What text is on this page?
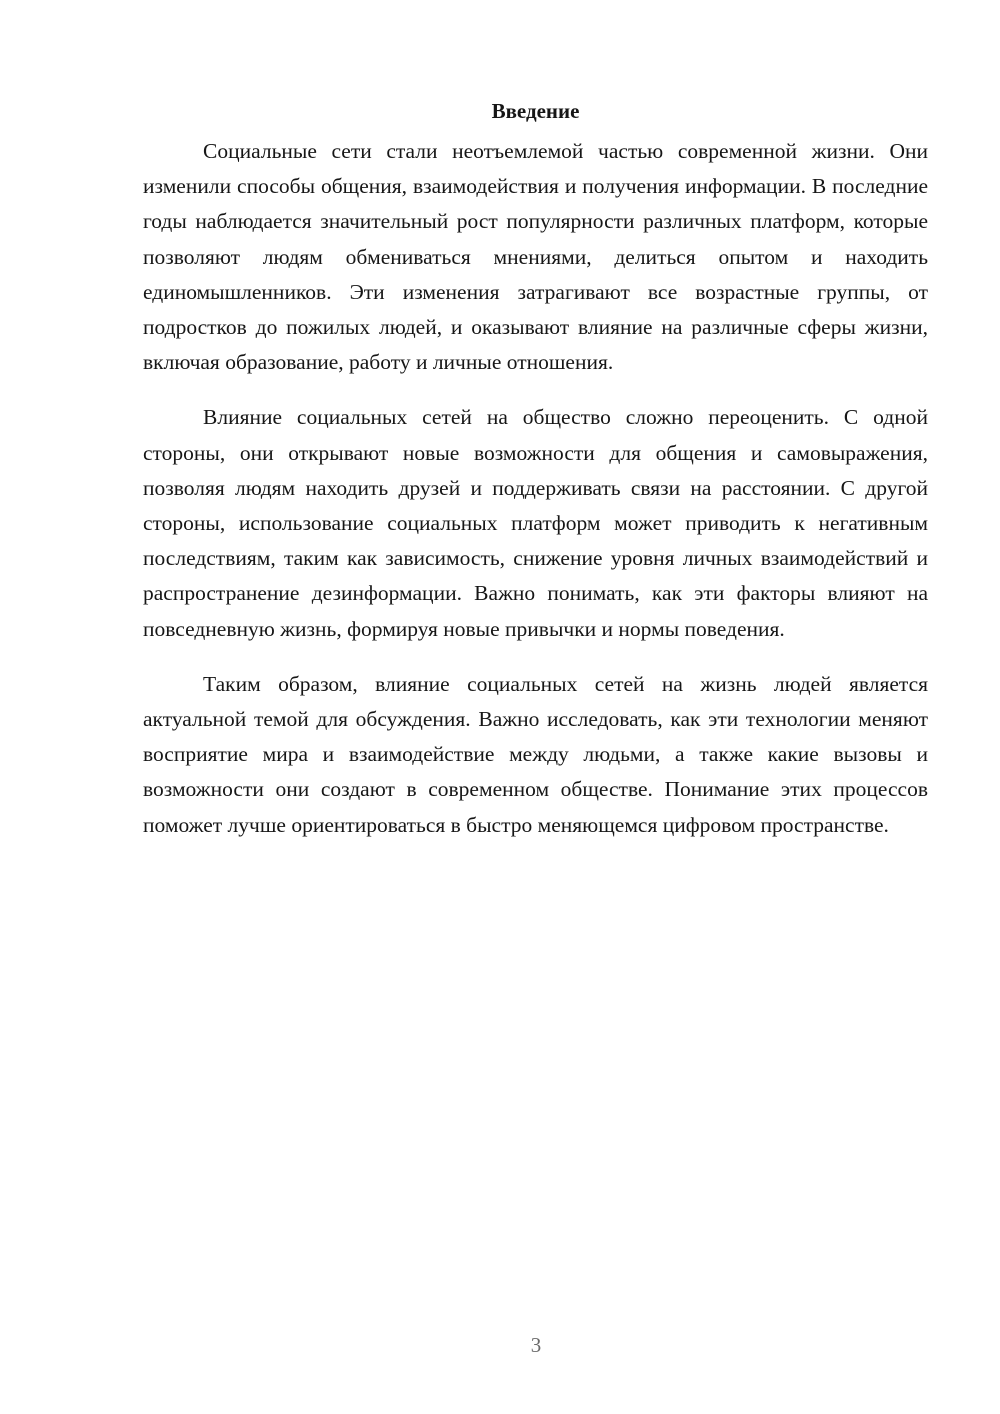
Введение

Социальные сети стали неотъемлемой частью современной жизни. Они изменили способы общения, взаимодействия и получения информации. В последние годы наблюдается значительный рост популярности различных платформ, которые позволяют людям обмениваться мнениями, делиться опытом и находить единомышленников. Эти изменения затрагивают все возрастные группы, от подростков до пожилых людей, и оказывают влияние на различные сферы жизни, включая образование, работу и личные отношения.

Влияние социальных сетей на общество сложно переоценить. С одной стороны, они открывают новые возможности для общения и самовыражения, позволяя людям находить друзей и поддерживать связи на расстоянии. С другой стороны, использование социальных платформ может приводить к негативным последствиям, таким как зависимость, снижение уровня личных взаимодействий и распространение дезинформации. Важно понимать, как эти факторы влияют на повседневную жизнь, формируя новые привычки и нормы поведения.

Таким образом, влияние социальных сетей на жизнь людей является актуальной темой для обсуждения. Важно исследовать, как эти технологии меняют восприятие мира и взаимодействие между людьми, а также какие вызовы и возможности они создают в современном обществе. Понимание этих процессов поможет лучше ориентироваться в быстро меняющемся цифровом пространстве.

3
